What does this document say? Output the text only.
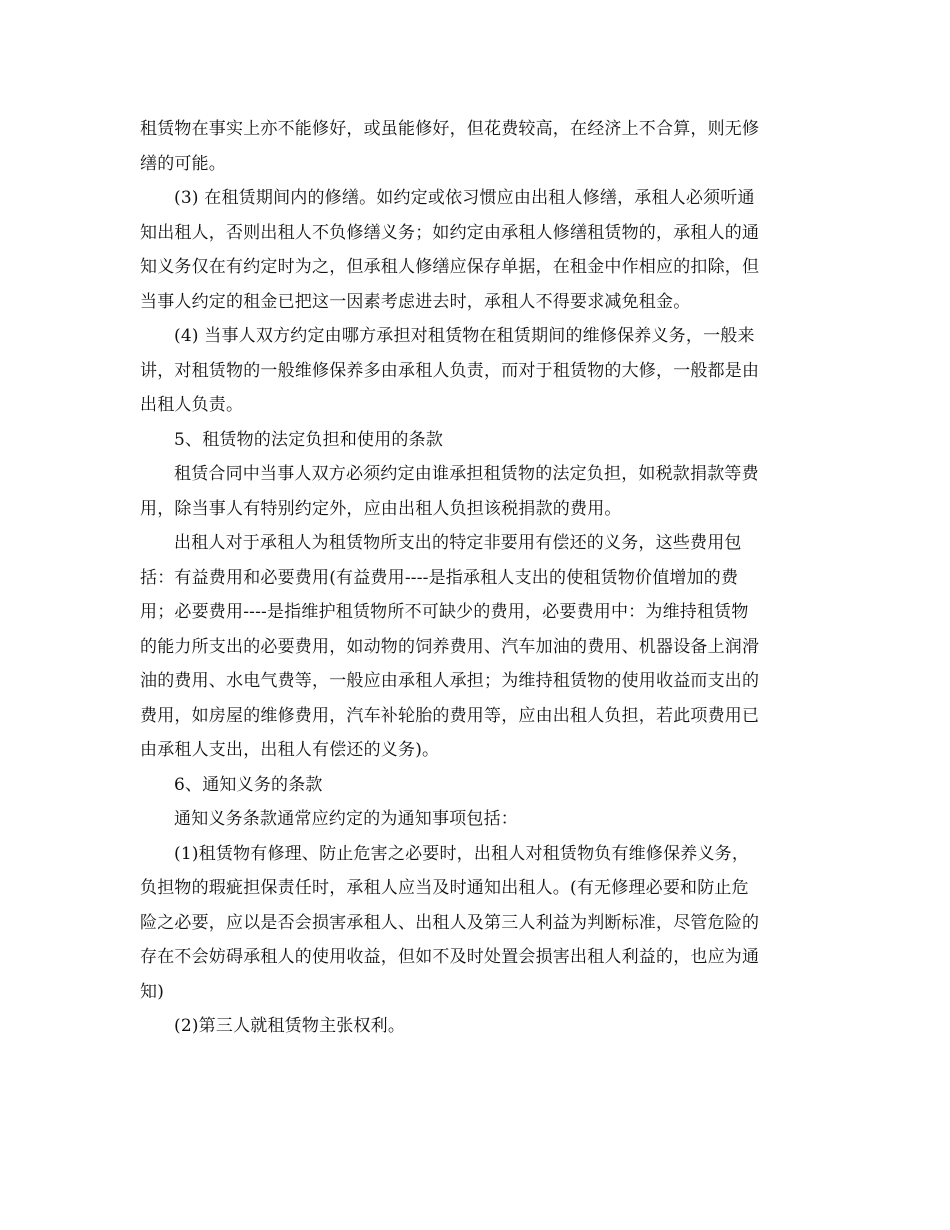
租赁物在事实上亦不能修好，或虽能修好，但花费较高，在经济上不合算，则无修
缮的可能。
(3) 在租赁期间内的修缮。如约定或依习惯应由出租人修缮，承租人必须听通
知出租人，否则出租人不负修缮义务；如约定由承租人修缮租赁物的，承租人的通
知义务仅在有约定时为之，但承租人修缮应保存单据，在租金中作相应的扣除，但
当事人约定的租金已把这一因素考虑进去时，承租人不得要求减免租金。
(4) 当事人双方约定由哪方承担对租赁物在租赁期间的维修保养义务，一般来
讲，对租赁物的一般维修保养多由承租人负责，而对于租赁物的大修，一般都是由
出租人负责。
5、租赁物的法定负担和使用的条款
租赁合同中当事人双方必须约定由谁承担租赁物的法定负担，如税款捐款等费
用，除当事人有特别约定外，应由出租人负担该税捐款的费用。
出租人对于承租人为租赁物所支出的特定非要用有偿还的义务，这些费用包
括：有益费用和必要费用(有益费用----是指承租人支出的使租赁物价值增加的费
用；必要费用----是指维护租赁物所不可缺少的费用，必要费用中：为维持租赁物
的能力所支出的必要费用，如动物的饲养费用、汽车加油的费用、机器设备上润滑
油的费用、水电气费等，一般应由承租人承担；为维持租赁物的使用收益而支出的
费用，如房屋的维修费用，汽车补轮胎的费用等，应由出租人负担，若此项费用已
由承租人支出，出租人有偿还的义务)。
6、通知义务的条款
通知义务条款通常应约定的为通知事项包括：
(1)租赁物有修理、防止危害之必要时，出租人对租赁物负有维修保养义务，
负担物的瑕疵担保责任时，承租人应当及时通知出租人。(有无修理必要和防止危
险之必要，应以是否会损害承租人、出租人及第三人利益为判断标准，尽管危险的
存在不会妨碍承租人的使用收益，但如不及时处置会损害出租人利益的，也应为通
知)
(2)第三人就租赁物主张权利。
